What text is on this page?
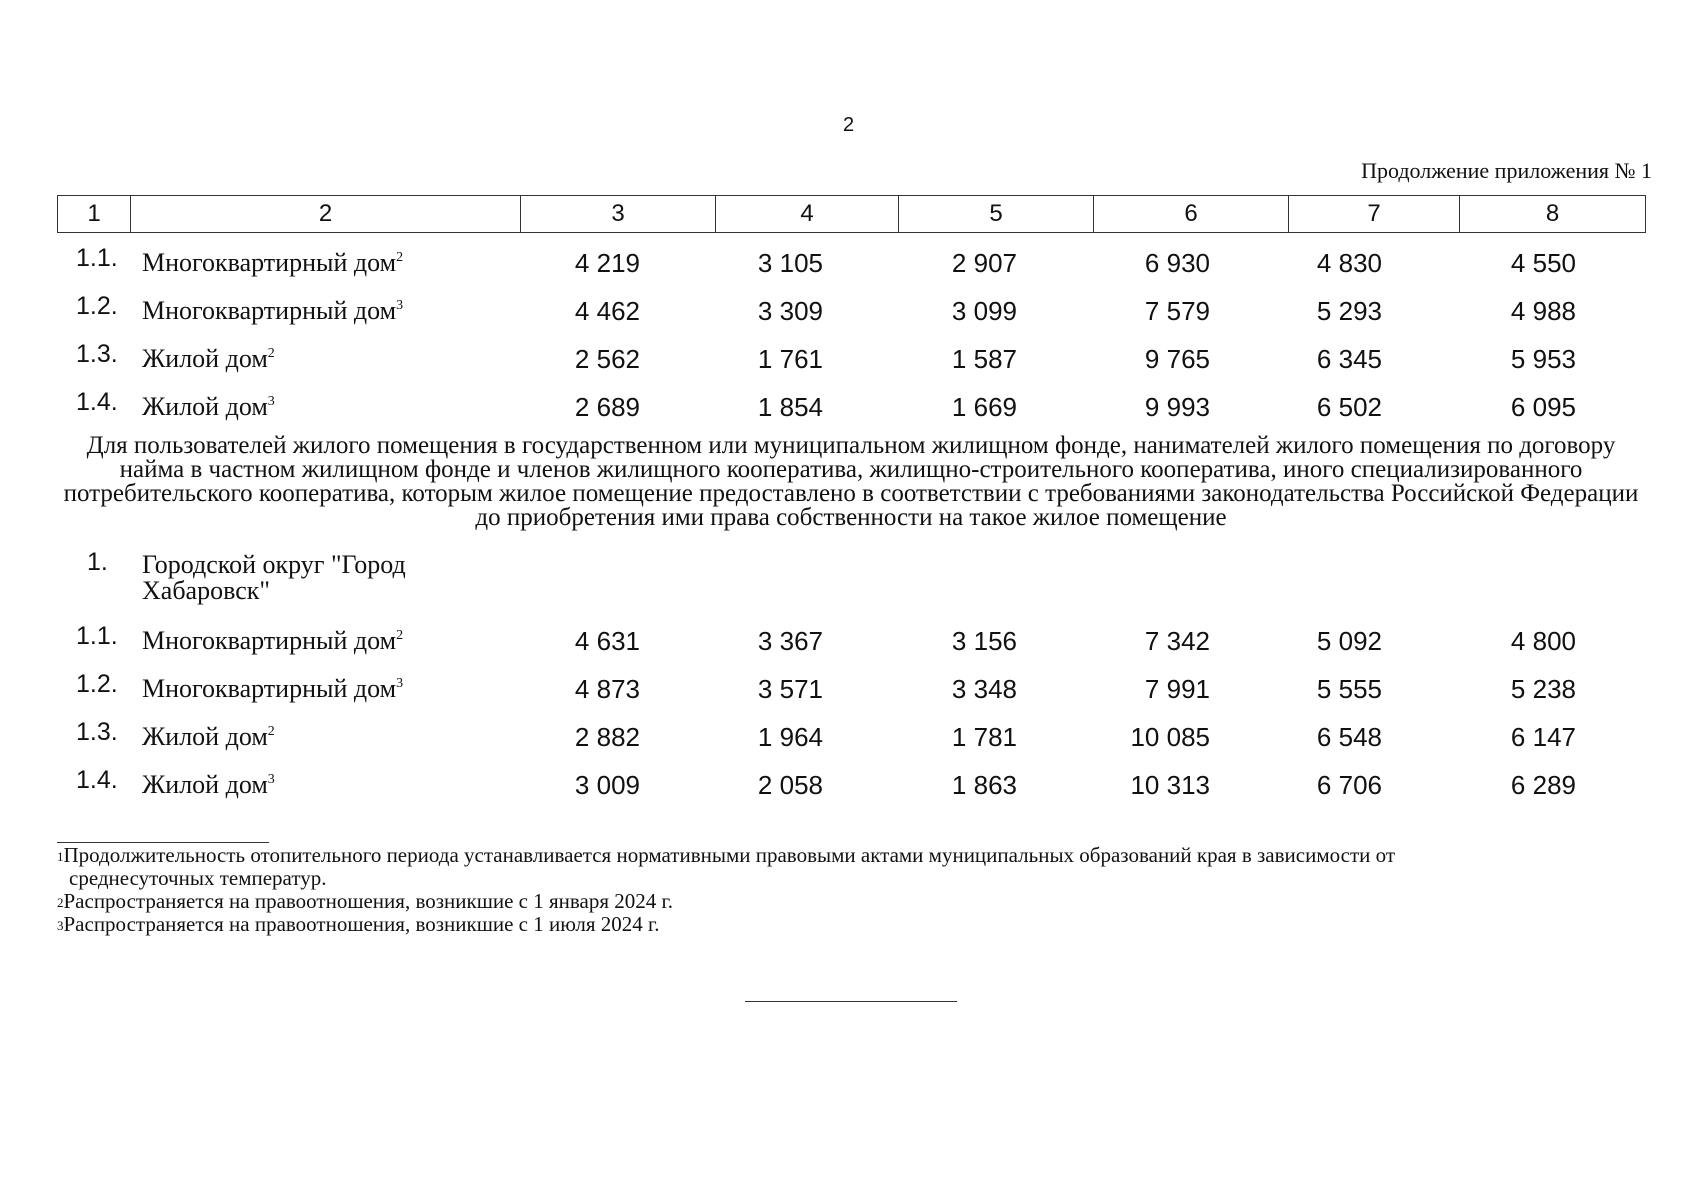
2
Продолжение приложения № 1
1	2	3	4	5	6	7	8
1.1. Многоквартирный дом$^2$	4 219	3 105	2 907	6 930	4 830	4 550
1.2. Многоквартирный дом$^3$	4 462	3 309	3 099	7 579	5 293	4 988
1.3. Жилой дом$^2$	2 562	1 761	1 587	9 765	6 345	5 953
1.4. Жилой дом$^3$	2 689	1 854	1 669	9 993	6 502	6 095
Для пользователей жилого помещения в государственном или муниципальном жилищном фонде, нанимателей жилого помещения по договору найма в частном жилищном фонде и членов жилищного кооператива, жилищно-строительного кооператива, иного специализированного потребительского кооператива, которым жилое помещение предоставлено в соответствии с требованиями законодательства Российской Федерации до приобретения ими права собственности на такое жилое помещение
1. Городской округ "Город Хабаровск"
1.1. Многоквартирный дом$^2$	4 631	3 367	3 156	7 342	5 092	4 800
1.2. Многоквартирный дом$^3$	4 873	3 571	3 348	7 991	5 555	5 238
1.3. Жилой дом$^2$	2 882	1 964	1 781	10 085	6 548	6 147
1.4. Жилой дом$^3$	3 009	2 058	1 863	10 313	6 706	6 289
$^1$Продолжительность отопительного периода устанавливается нормативными правовыми актами муниципальных образований края в зависимости от
среднесуточных температур.
$^2$Распространяется на правоотношения, возникшие с 1 января 2024 г.
$^3$Распространяется на правоотношения, возникшие с 1 июля 2024 г.
